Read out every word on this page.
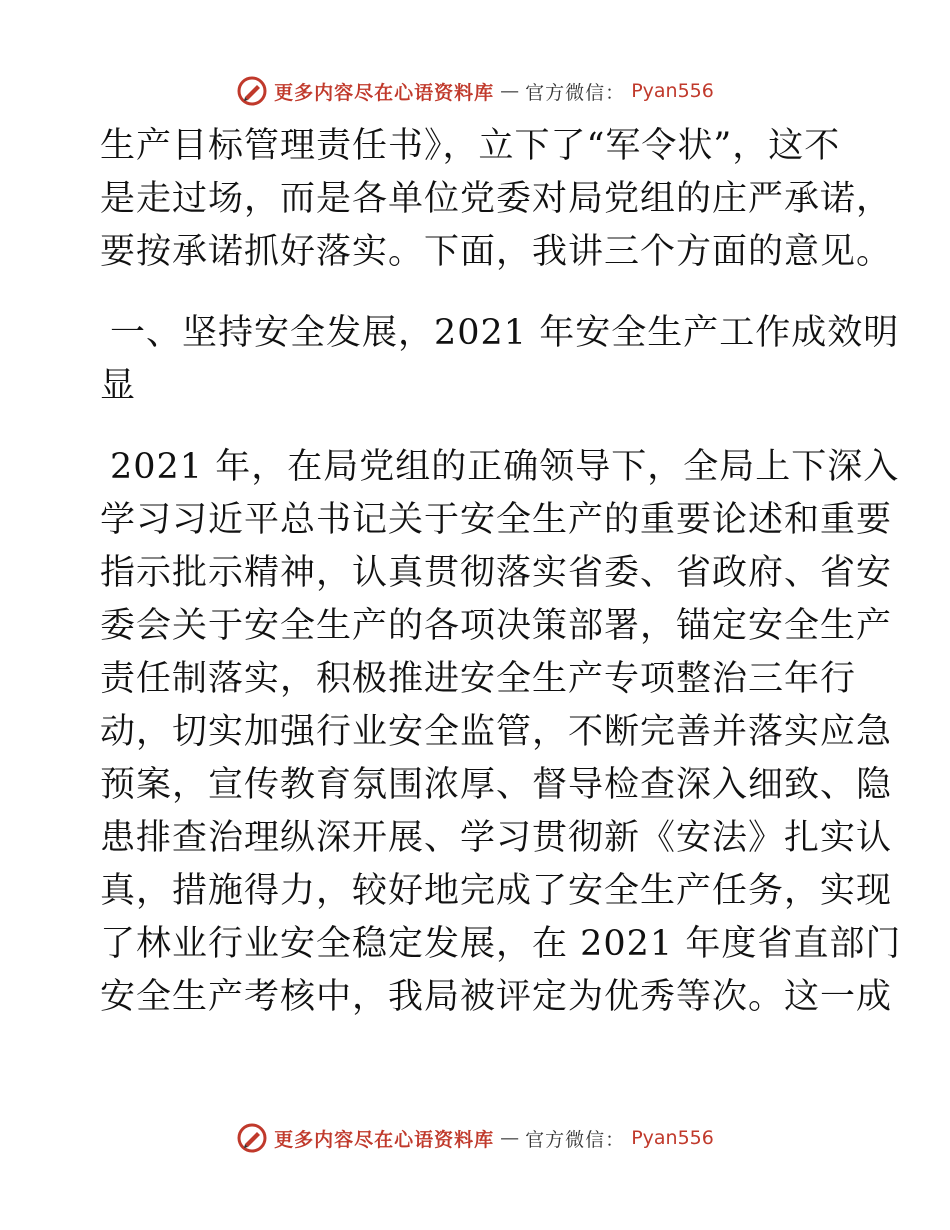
更多内容尽在心语资料库 — 官方微信： Pyan556

生产目标管理责任书》，立下了“军令状”，这不
是走过场，而是各单位党委对局党组的庄严承诺，
要按承诺抓好落实。下面，我讲三个方面的意见。

一、坚持安全发展，2021 年安全生产工作成效明
显

2021 年，在局党组的正确领导下，全局上下深入
学习习近平总书记关于安全生产的重要论述和重要
指示批示精神，认真贯彻落实省委、省政府、省安
委会关于安全生产的各项决策部署，锚定安全生产
责任制落实，积极推进安全生产专项整治三年行
动，切实加强行业安全监管，不断完善并落实应急
预案，宣传教育氛围浓厚、督导检查深入细致、隐
患排查治理纵深开展、学习贯彻新《安法》扎实认
真，措施得力，较好地完成了安全生产任务，实现
了林业行业安全稳定发展，在 2021 年度省直部门
安全生产考核中，我局被评定为优秀等次。这一成

更多内容尽在心语资料库 — 官方微信： Pyan556
